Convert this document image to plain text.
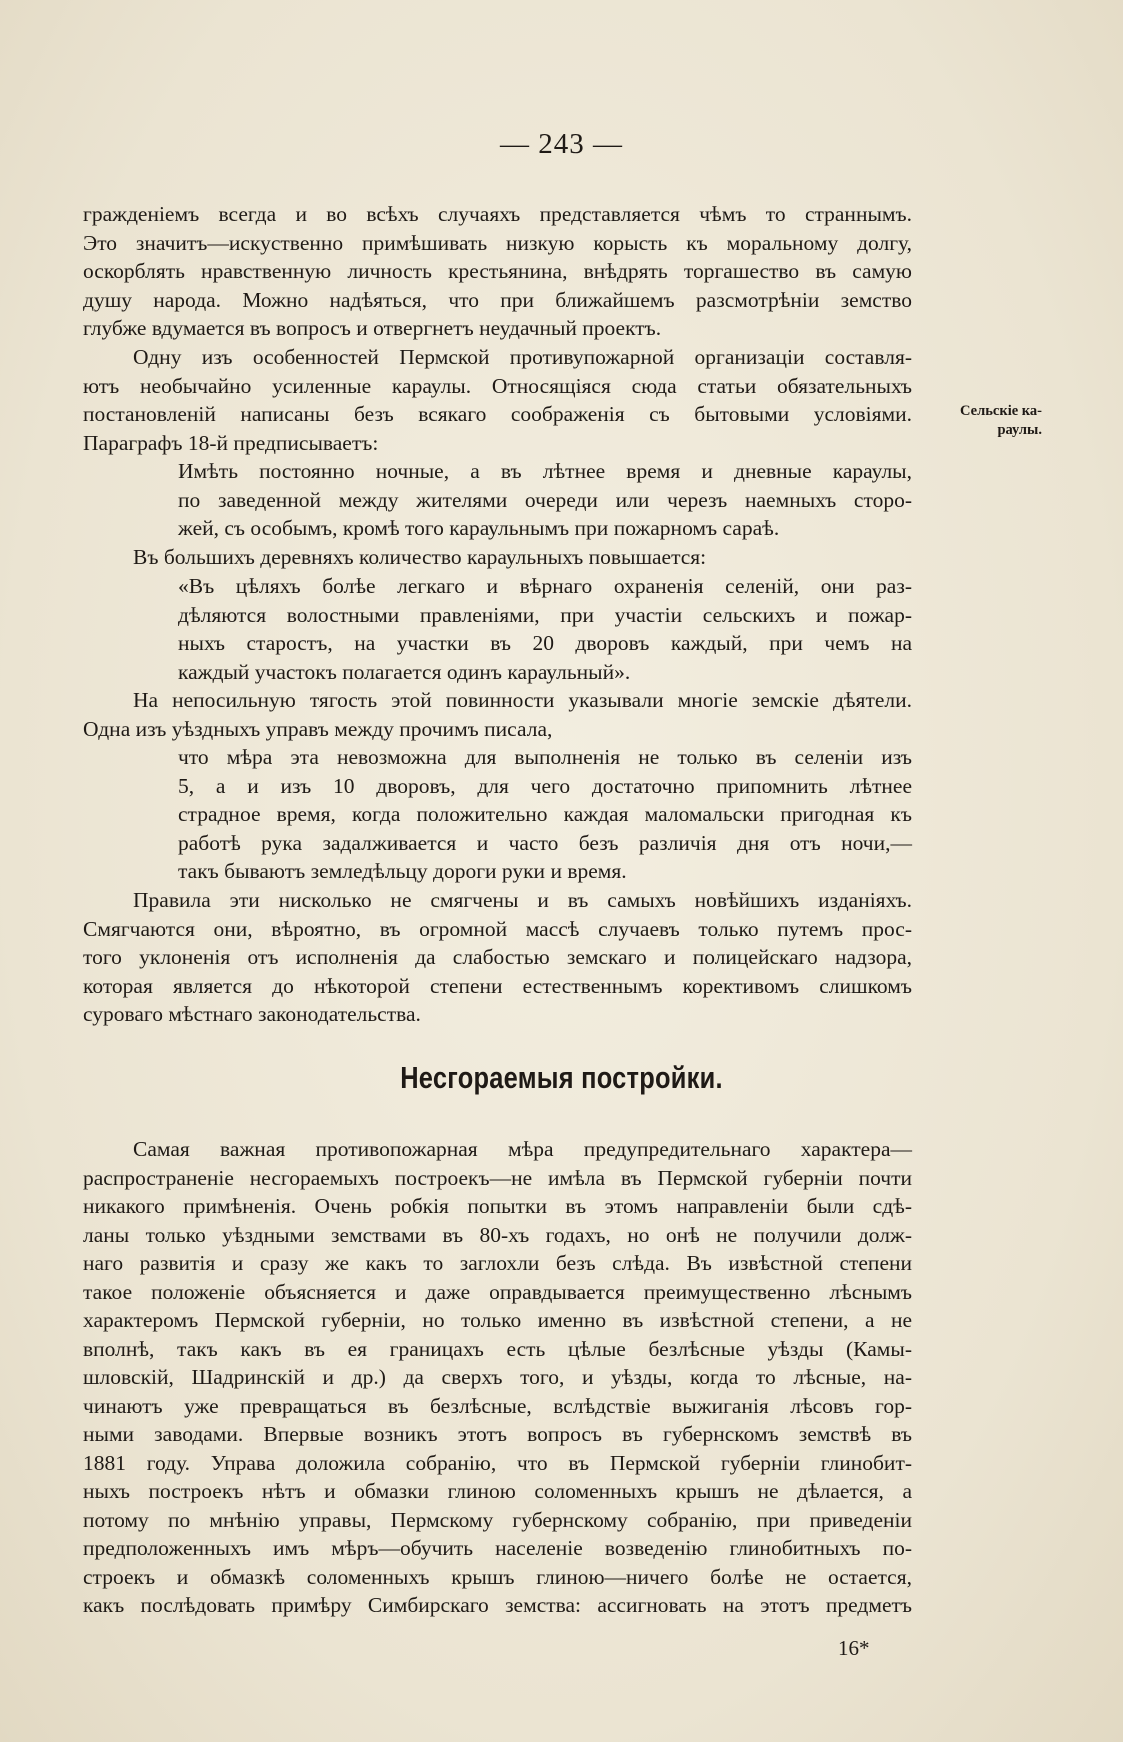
— 243 —
гражденіемъ всегда и во всѣхъ случаяхъ представляется чѣмъ то страннымъ.
Это значитъ—искуственно примѣшивать низкую корысть къ моральному долгу,
оскорблять нравственную личность крестьянина, внѣдрять торгашество въ самую
душу народа. Можно надѣяться, что при ближайшемъ разсмотрѣніи земство
глубже вдумается въ вопросъ и отвергнетъ неудачный проектъ.
Одну изъ особенностей Пермской противупожарной организаціи составля-
ютъ необычайно усиленные караулы. Относящіяся сюда статьи обязательныхъ
постановленій написаны безъ всякаго соображенія съ бытовыми условіями.
Параграфъ 18-й предписываетъ:
Имѣть постоянно ночные, а въ лѣтнее время и дневные караулы,
по заведенной между жителями очереди или черезъ наемныхъ сторо-
жей, съ особымъ, кромѣ того караульнымъ при пожарномъ сараѣ.
Въ большихъ деревняхъ количество караульныхъ повышается:
«Въ цѣляхъ болѣе легкаго и вѣрнаго охраненія селеній, они раз-
дѣляются волостными правленіями, при участіи сельскихъ и пожар-
ныхъ старостъ, на участки въ 20 дворовъ каждый, при чемъ на
каждый участокъ полагается одинъ караульный».
На непосильную тягость этой повинности указывали многіе земскіе дѣятели.
Одна изъ уѣздныхъ управъ между прочимъ писала,
что мѣра эта невозможна для выполненія не только въ селеніи изъ
5, а и изъ 10 дворовъ, для чего достаточно припомнить лѣтнее
страдное время, когда положительно каждая маломальски пригодная къ
работѣ рука задалживается и часто безъ различія дня отъ ночи,—
такъ бываютъ земледѣльцу дороги руки и время.
Правила эти нисколько не смягчены и въ самыхъ новѣйшихъ изданіяхъ.
Смягчаются они, вѣроятно, въ огромной массѣ случаевъ только путемъ прос-
того уклоненія отъ исполненія да слабостью земскаго и полицейскаго надзора,
которая является до нѣкоторой степени естественнымъ корективомъ слишкомъ
суроваго мѣстнаго законодательства.
Несгораемыя постройки.
Самая важная противопожарная мѣра предупредительнаго характера—
распространеніе несгораемыхъ построекъ—не имѣла въ Пермской губерніи почти
никакого примѣненія. Очень робкія попытки въ этомъ направленіи были сдѣ-
ланы только уѣздными земствами въ 80-хъ годахъ, но онѣ не получили долж-
наго развитія и сразу же какъ то заглохли безъ слѣда. Въ извѣстной степени
такое положеніе объясняется и даже оправдывается преимущественно лѣснымъ
характеромъ Пермской губерніи, но только именно въ извѣстной степени, а не
вполнѣ, такъ какъ въ ея границахъ есть цѣлые безлѣсные уѣзды (Камы-
шловскій, Шадринскій и др.) да сверхъ того, и уѣзды, когда то лѣсные, на-
чинаютъ уже превращаться въ безлѣсные, вслѣдствіе выжиганія лѣсовъ гор-
ными заводами. Впервые возникъ этотъ вопросъ въ губернскомъ земствѣ въ
1881 году. Управа доложила собранію, что въ Пермской губерніи глинобит-
ныхъ построекъ нѣтъ и обмазки глиною соломенныхъ крышъ не дѣлается, а
потому по мнѣнію управы, Пермскому губернскому собранію, при приведеніи
предположенныхъ имъ мѣръ—обучить населеніе возведенію глинобитныхъ по-
строекъ и обмазкѣ соломенныхъ крышъ глиною—ничего болѣе не остается,
какъ послѣдовать примѣру Симбирскаго земства: ассигновать на этотъ предметъ
Сельскіе ка-
раулы.
16*
